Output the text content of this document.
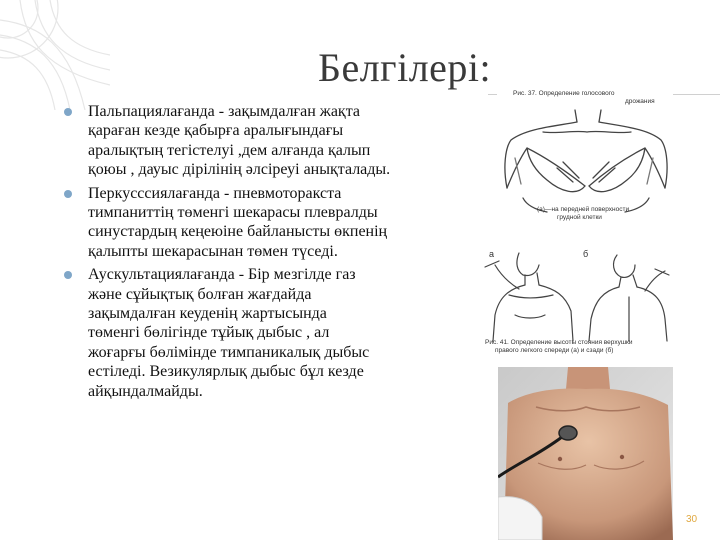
Белгілері:
Пальпациялағанда - зақымдалған жақта
қараған кезде қабырға аралығындағы
аралықтың тегістелуі ,дем алғанда қалып
қоюы , дауыс дірілінің әлсіреуі анықталады.
Перкусссиялағанда - пневмоторакста
тимпаниттің төменгі шекарасы плевралды
синустардың кеңеюіне байланысты өкпенің
қалыпты шекарасынан төмен түседі.
Аускультациялағанда - Бір мезгілде газ
және сұйықтық болған жағдайда
зақымдалған кеуденің жартысында
төменгі бөлігінде тұйық дыбыс , ал
жоғарғы бөлімінде тимпаникалық дыбыс
естіледі. Везикулярлық дыбыс бұл кезде
айқындалмайды.
Рис. 37. Определение голосового
дрожания
(а)—на передней поверхности
грудной клетки
а	б
Рис. 41. Определение высоты стояния верхушки
правого легкого спереди (а) и сзади (б)
30
